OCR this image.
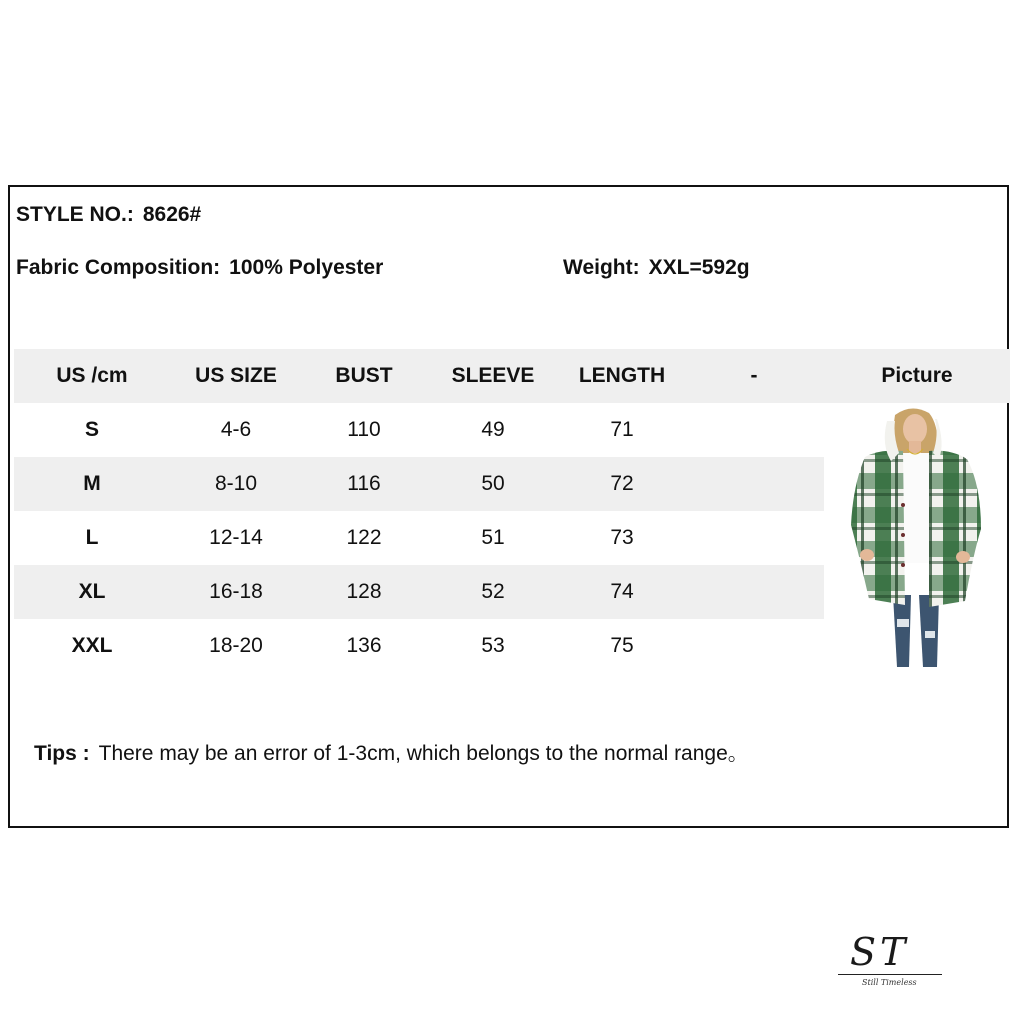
STYLE NO.: 8626#
Fabric Composition: 100% Polyester	Weight: XXL=592g
US /cm	US SIZE	BUST	SLEEVE	LENGTH	-	Picture
S	4-6	110	49	71
M	8-10	116	50	72
L	12-14	122	51	73
XL	16-18	128	52	74
XXL	18-20	136	53	75
Tips : There may be an error of 1-3cm, which belongs to the normal range。
ST
Still Timeless
